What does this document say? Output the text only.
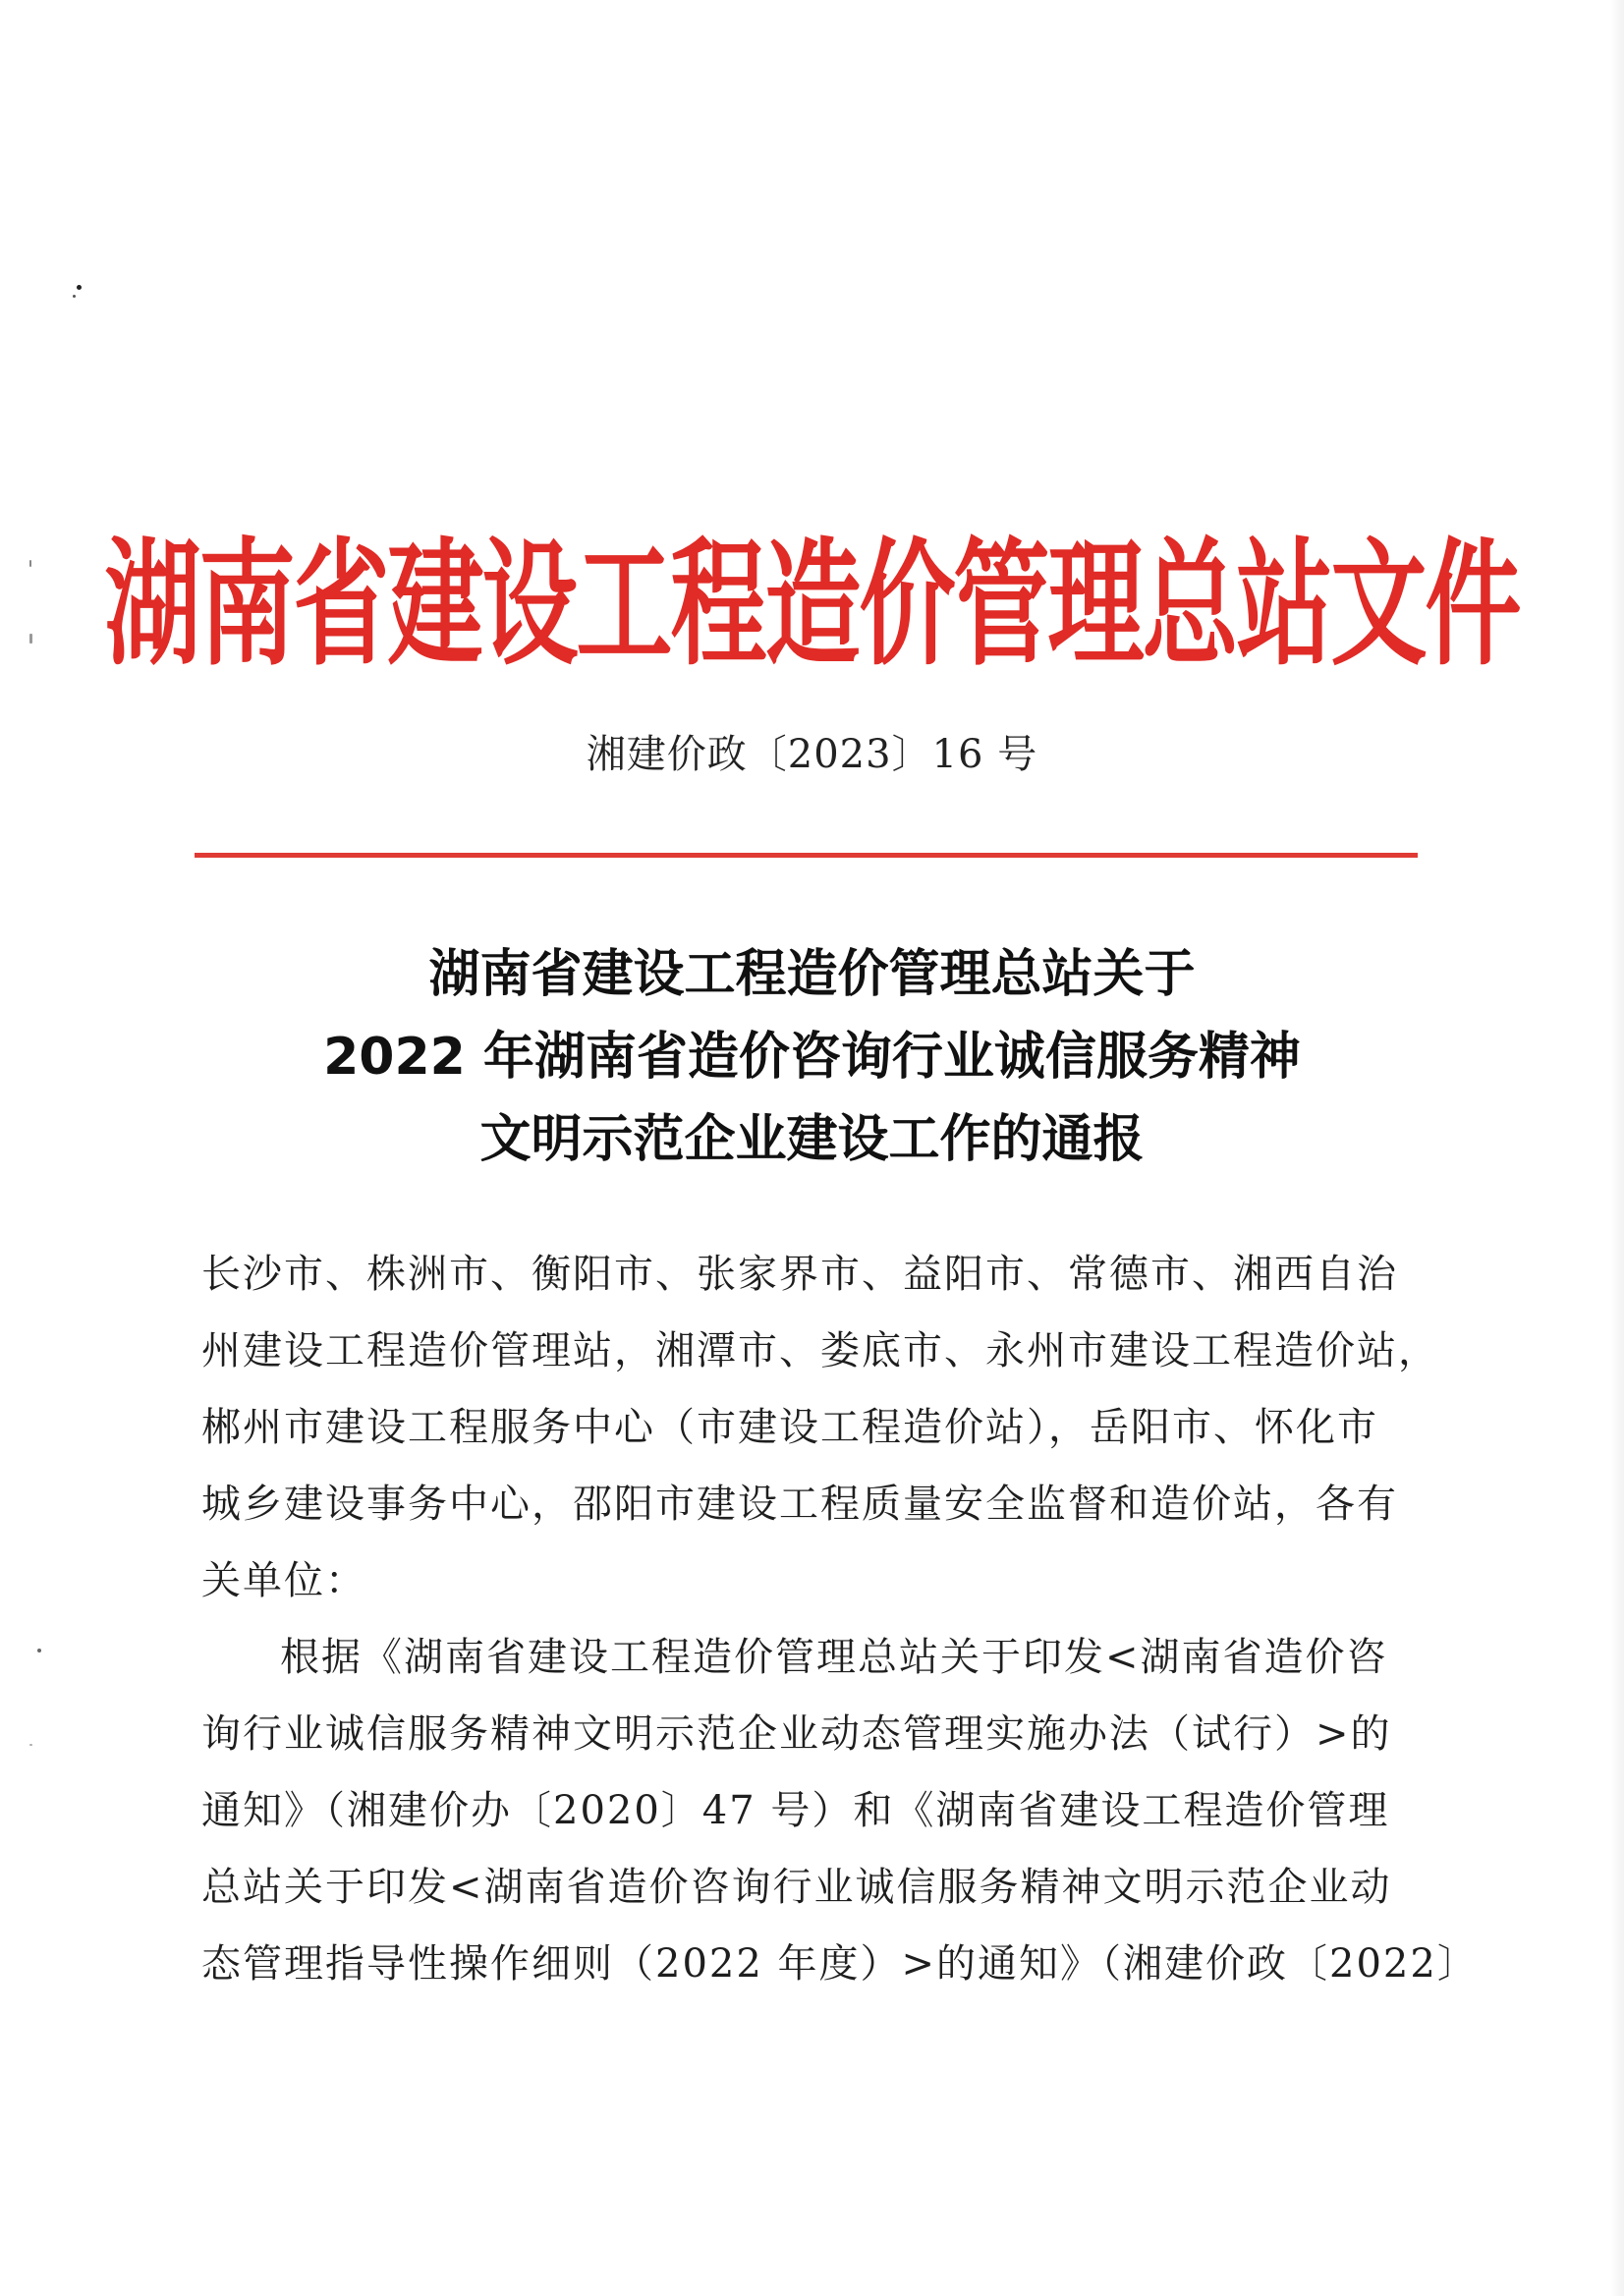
湖南省建设工程造价管理总站文件
湘建价政〔2023〕16 号
湖南省建设工程造价管理总站关于
2022 年湖南省造价咨询行业诚信服务精神
文明示范企业建设工作的通报
长沙市、株洲市、衡阳市、张家界市、益阳市、常德市、湘西自治
州建设工程造价管理站，湘潭市、娄底市、永州市建设工程造价站，
郴州市建设工程服务中心（市建设工程造价站），岳阳市、怀化市
城乡建设事务中心，邵阳市建设工程质量安全监督和造价站，各有
关单位：
根据《湖南省建设工程造价管理总站关于印发<湖南省造价咨
询行业诚信服务精神文明示范企业动态管理实施办法（试行）>的
通知》（湘建价办〔2020〕47 号）和《湖南省建设工程造价管理
总站关于印发<湖南省造价咨询行业诚信服务精神文明示范企业动
态管理指导性操作细则（2022 年度）>的通知》（湘建价政〔2022〕
